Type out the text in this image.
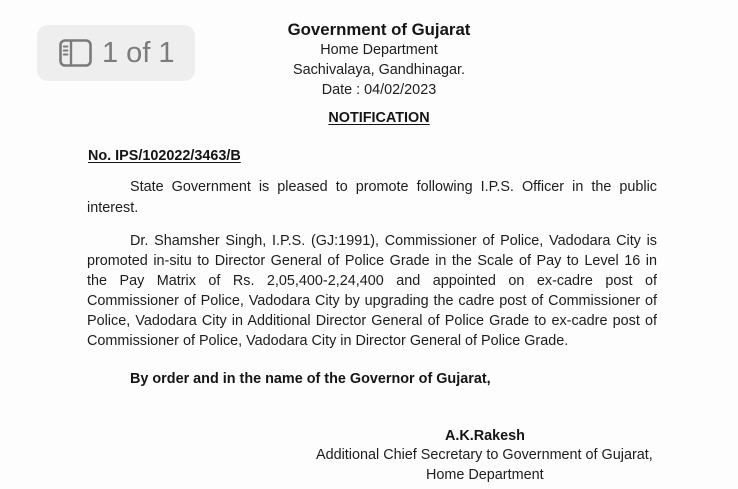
Government of Gujarat
Home Department
Sachivalaya, Gandhinagar.
Date : 04/02/2023
NOTIFICATION
No. IPS/102022/3463/B
State Government is pleased to promote following I.P.S. Officer in the public
interest.
Dr. Shamsher Singh, I.P.S. (GJ:1991), Commissioner of Police, Vadodara City is
promoted in-situ to Director General of Police Grade in the Scale of Pay to Level 16 in
the Pay Matrix of Rs. 2,05,400-2,24,400 and appointed on ex-cadre post of
Commissioner of Police, Vadodara City by upgrading the cadre post of Commissioner of
Police, Vadodara City in Additional Director General of Police Grade to ex-cadre post of
Commissioner of Police, Vadodara City in Director General of Police Grade.
By order and in the name of the Governor of Gujarat,
A.K.Rakesh
Additional Chief Secretary to Government of Gujarat,
Home Department
1 of 1
